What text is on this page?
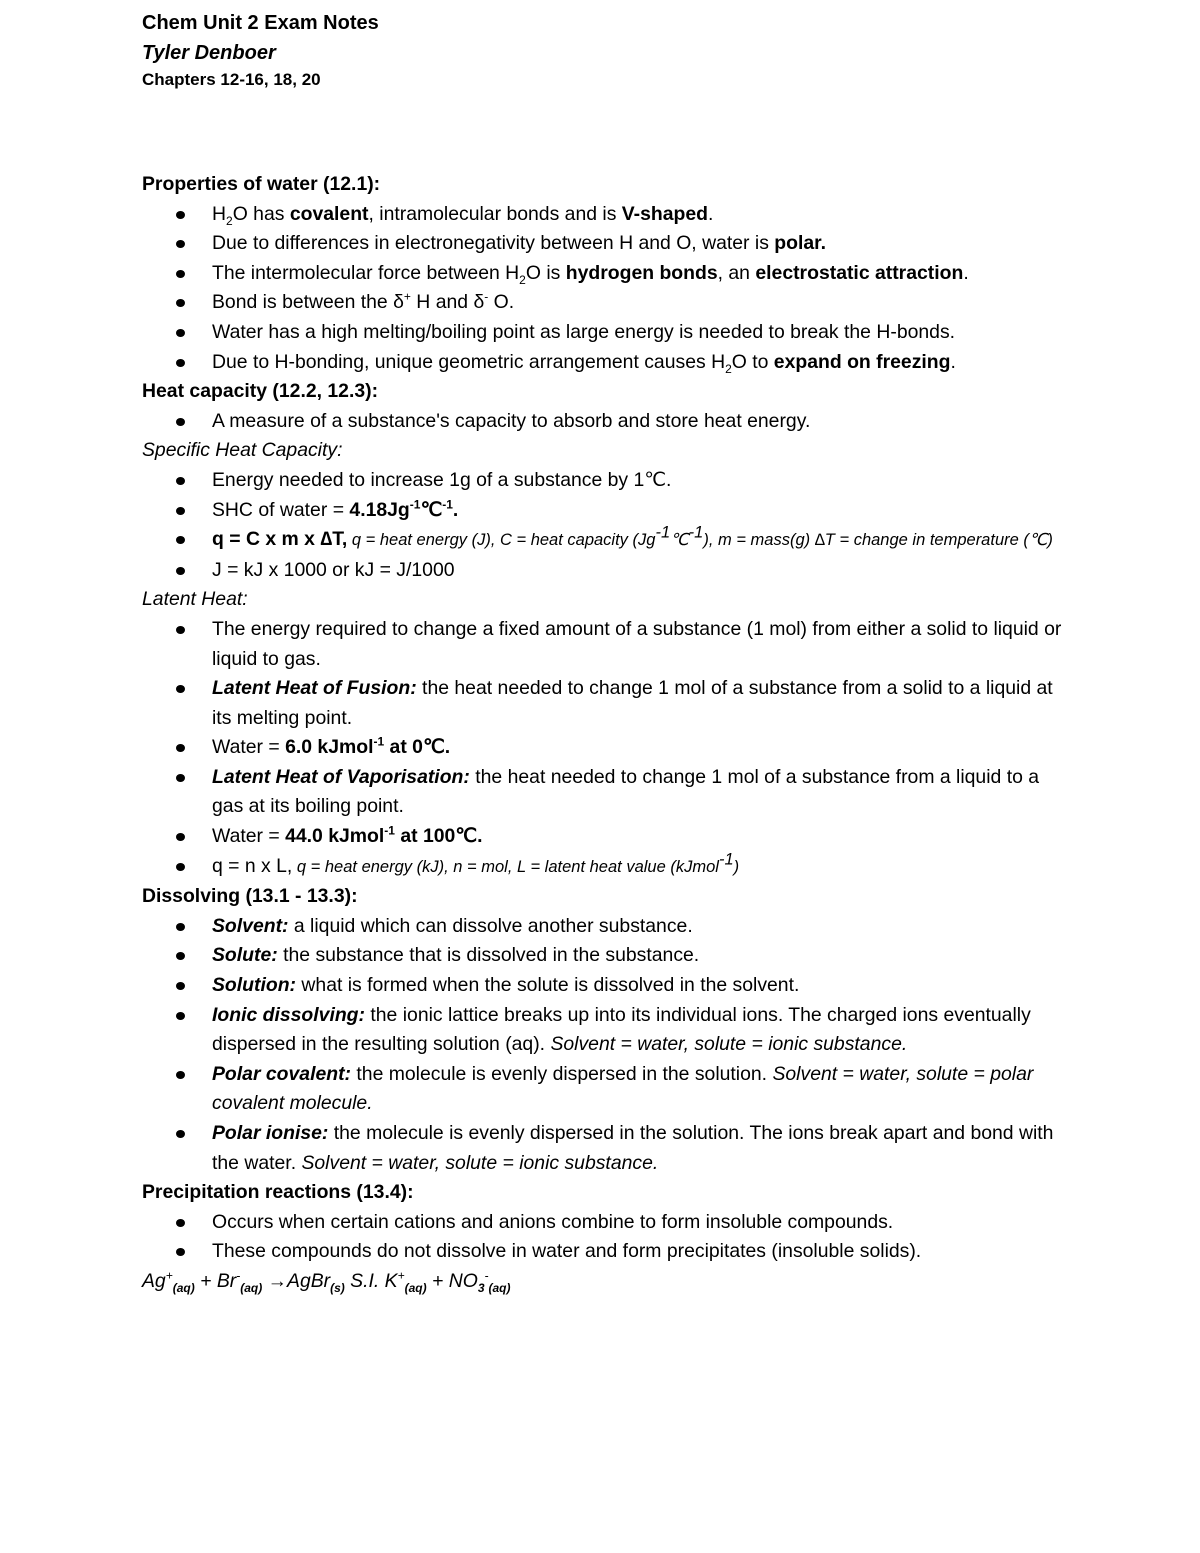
Chem Unit 2 Exam Notes
Tyler Denboer
Chapters 12-16, 18, 20

Properties of water (12.1):

$H_2O$ has covalent, intramolecular bonds and is V-shaped.
Due to differences in electronegativity between H and O, water is polar.
The intermolecular force between $H_2O$ is hydrogen bonds, an electrostatic attraction.
Bond is between the δ+ H and δ- O.
Water has a high melting/boiling point as large energy is needed to break the H-bonds.
Due to H-bonding, unique geometric arrangement causes $H_2O$ to expand on freezing.

Heat capacity (12.2, 12.3):

A measure of a substance's capacity to absorb and store heat energy.

Specific Heat Capacity:

Energy needed to increase 1g of a substance by 1℃.
SHC of water = $4.18Jg^{-1}℃^{-1}$.
q = C x m x ∆T, q = heat energy (J), C = heat capacity $(Jg^{-1}℃^{-1})$, m = mass(g) ∆T = change in temperature (℃)
J = kJ x 1000 or kJ = J/1000

Latent Heat:

The energy required to change a fixed amount of a substance (1 mol) from either a solid to liquid or liquid to gas.
Latent Heat of Fusion: the heat needed to change 1 mol of a substance from a solid to a liquid at its melting point.
Water = 6.0 kJmol$^{-1}$ at 0℃.
Latent Heat of Vaporisation: the heat needed to change 1 mol of a substance from a liquid to a gas at its boiling point.
Water = 44.0 kJmol$^{-1}$ at 100℃.
q = n x L, q = heat energy (kJ), n = mol, L = latent heat value (kJmol$^{-1}$)

Dissolving (13.1 - 13.3):

Solvent: a liquid which can dissolve another substance.
Solute: the substance that is dissolved in the substance.
Solution: what is formed when the solute is dissolved in the solvent.
Ionic dissolving: the ionic lattice breaks up into its individual ions. The charged ions eventually dispersed in the resulting solution (aq). Solvent = water, solute = ionic substance.
Polar covalent: the molecule is evenly dispersed in the solution. Solvent = water, solute = polar covalent molecule.
Polar ionise: the molecule is evenly dispersed in the solution. The ions break apart and bond with the water. Solvent = water, solute = ionic substance.

Precipitation reactions (13.4):

Occurs when certain cations and anions combine to form insoluble compounds.
These compounds do not dissolve in water and form precipitates (insoluble solids).

$Ag^+_{(aq)} + Br^-_{(aq)}$ →AgBr$_{(s)}$ S.I. $K^+_{(aq)} + NO_3^-_{(aq)}$
